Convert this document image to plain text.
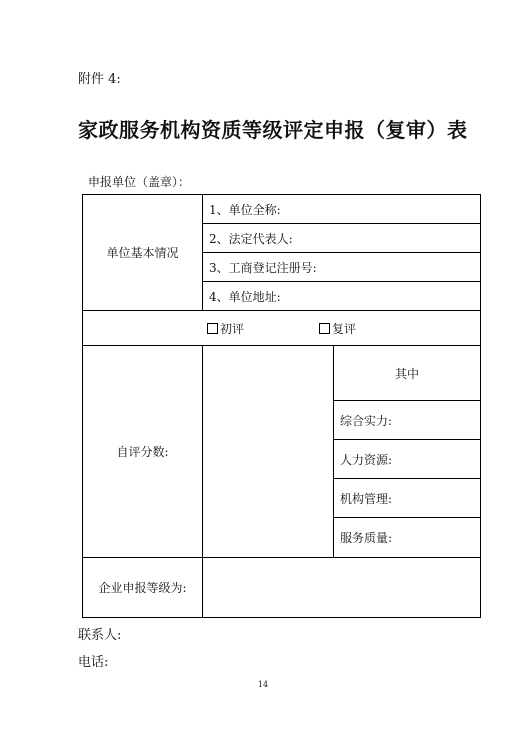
附件 4:
家政服务机构资质等级评定申报（复审）表
申报单位（盖章）：
单位基本情况	1、单位全称:	
	2、法定代表人:	
	3、工商登记注册号:	
	4、单位地址:	

初评 复评		

自评分数:		其中
		综合实力:
		人力资源:
		机构管理:
		服务质量:
企业申报等级为:		
联系人:
电话:
14
